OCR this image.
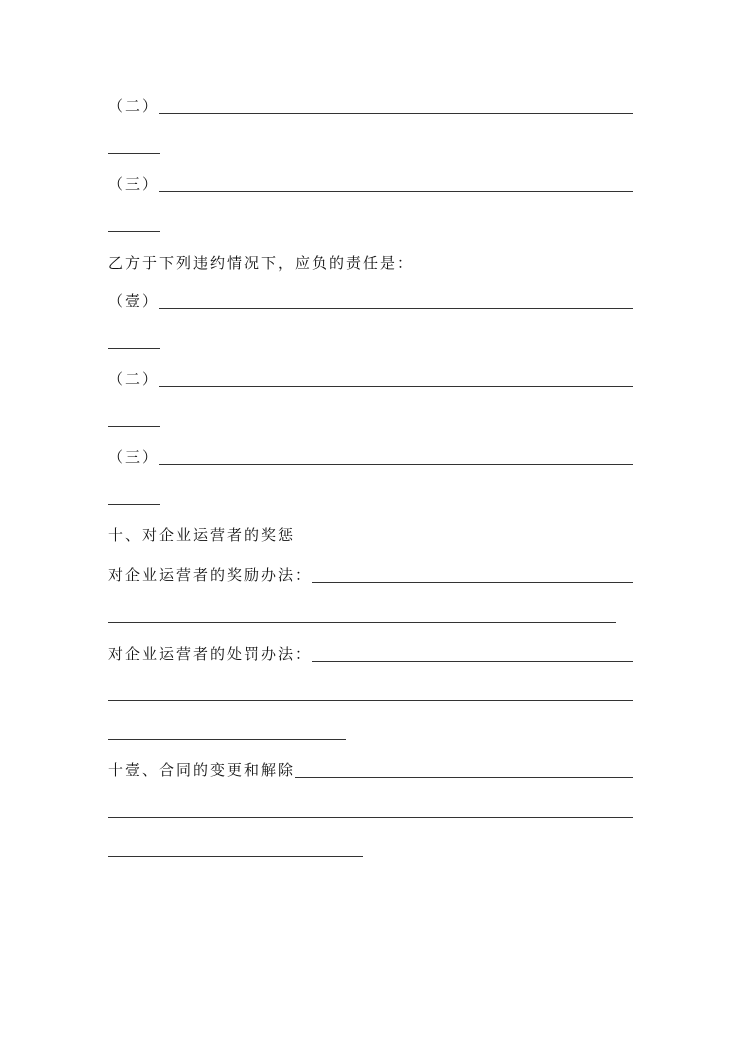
（二）
（三）
乙方于下列违约情况下，应负的责任是：
（壹）
（二）
（三）
十、对企业运营者的奖惩
对企业运营者的奖励办法：
对企业运营者的处罚办法：
十壹、合同的变更和解除
